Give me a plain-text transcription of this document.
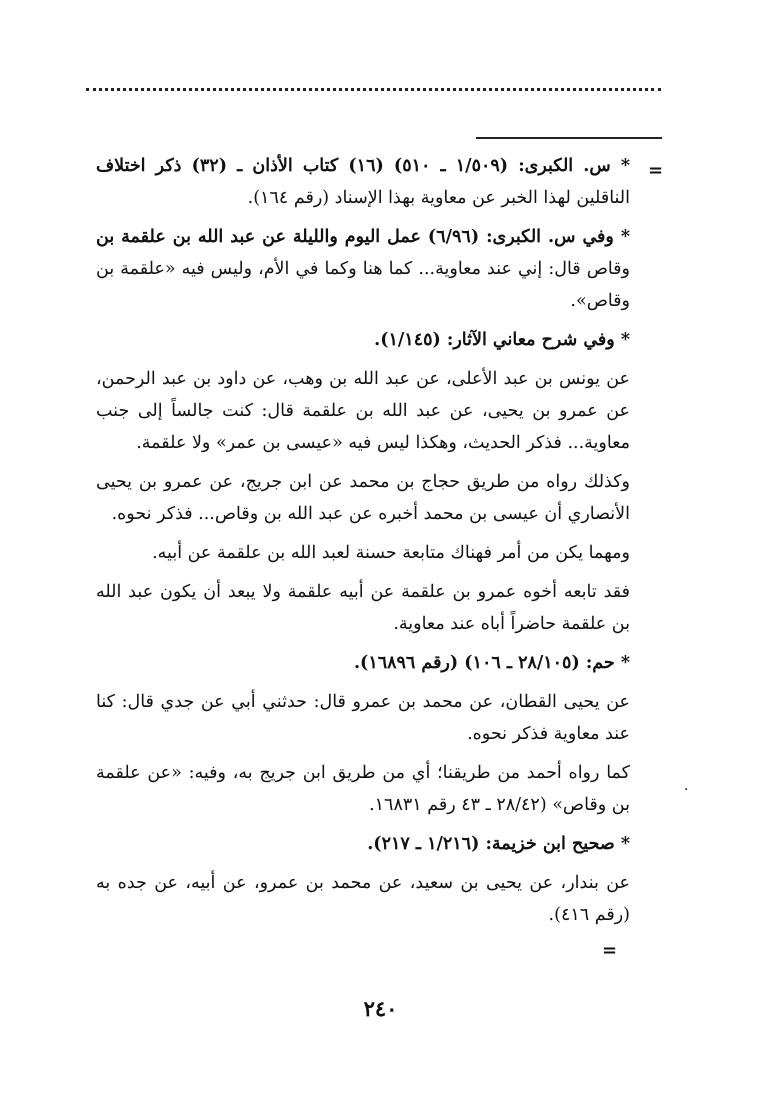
=
·

* س. الكبرى: (١/٥٠٩ ـ ٥١٠) (١٦) كتاب الأذان ـ (٣٢) ذكر اختلاف الناقلين لهذا الخبر عن معاوية بهذا الإسناد (رقم ١٦٤).

* وفي س. الكبرى: (٦/٩٦) عمل اليوم والليلة عن عبد الله بن علقمة بن وقاص قال: إني عند معاوية... كما هنا وكما في الأم، وليس فيه «علقمة بن وقاص».

* وفي شرح معاني الآثار: (١/١٤٥).

عن يونس بن عبد الأعلى، عن عبد الله بن وهب، عن داود بن عبد الرحمن، عن عمرو بن يحيى، عن عبد الله بن علقمة قال: كنت جالساً إلى جنب معاوية... فذكر الحديث، وهكذا ليس فيه «عيسى بن عمر» ولا علقمة.

وكذلك رواه من طريق حجاج بن محمد عن ابن جريج، عن عمرو بن يحيى الأنصاري أن عيسى بن محمد أخبره عن عبد الله بن وقاص... فذكر نحوه.

ومهما يكن من أمر فهناك متابعة حسنة لعبد الله بن علقمة عن أبيه.

فقد تابعه أخوه عمرو بن علقمة عن أبيه علقمة ولا يبعد أن يكون عبد الله بن علقمة حاضراً أباه عند معاوية.

* حم: (٢٨/١٠٥ ـ ١٠٦) (رقم ١٦٨٩٦).

عن يحيى القطان، عن محمد بن عمرو قال: حدثني أبي عن جدي قال: كنا عند معاوية فذكر نحوه.

كما رواه أحمد من طريقنا؛ أي من طريق ابن جريج به، وفيه: «عن علقمة بن وقاص» (٢٨/٤٢ ـ ٤٣ رقم ١٦٨٣١.

* صحيح ابن خزيمة: (١/٢١٦ ـ ٢١٧).

عن بندار، عن يحيى بن سعيد، عن محمد بن عمرو، عن أبيه، عن جده به (رقم ٤١٦).

=
٢٤٠
